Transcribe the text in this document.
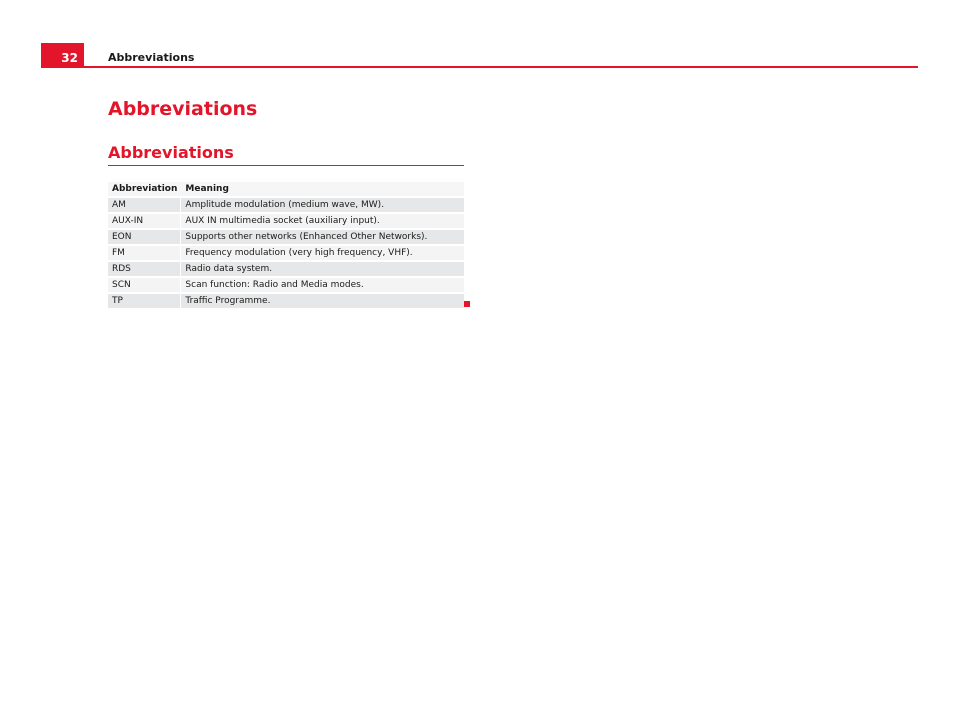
32	Abbreviations
Abbreviations
Abbreviations
Abbreviation	Meaning
AM	Amplitude modulation (medium wave, MW).
AUX-IN	AUX IN multimedia socket (auxiliary input).
EON	Supports other networks (Enhanced Other Networks).
FM	Frequency modulation (very high frequency, VHF).
RDS	Radio data system.
SCN	Scan function: Radio and Media modes.
TP	Traffic Programme.
